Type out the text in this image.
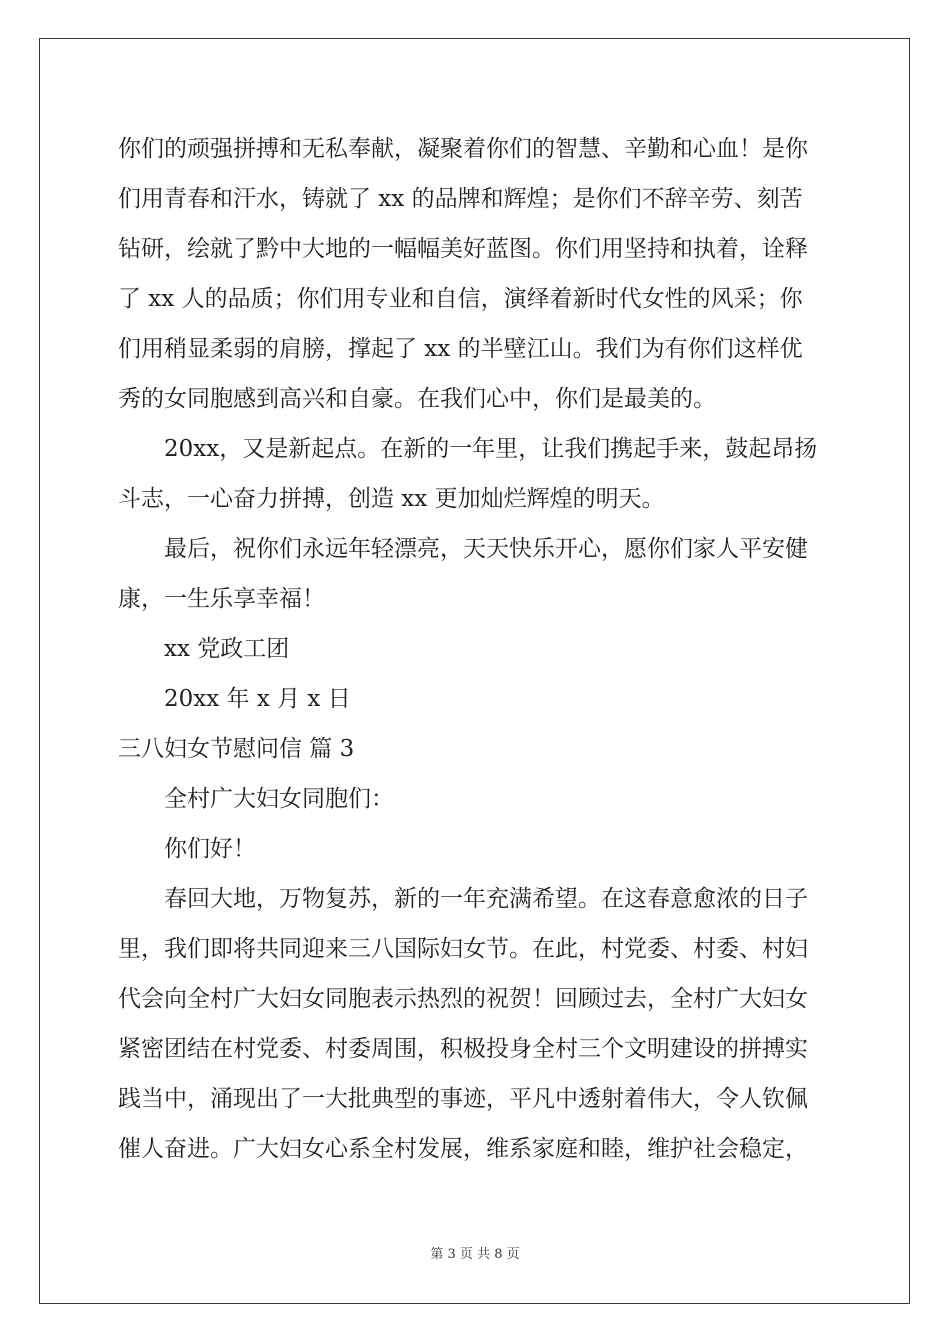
你们的顽强拼搏和无私奉献，凝聚着你们的智慧、辛勤和心血！是你
们用青春和汗水，铸就了 xx 的品牌和辉煌；是你们不辞辛劳、刻苦
钻研，绘就了黔中大地的一幅幅美好蓝图。你们用坚持和执着，诠释
了 xx 人的品质；你们用专业和自信，演绎着新时代女性的风采；你
们用稍显柔弱的肩膀，撑起了 xx 的半壁江山。我们为有你们这样优
秀的女同胞感到高兴和自豪。在我们心中，你们是最美的。
20xx，又是新起点。在新的一年里，让我们携起手来，鼓起昂扬
斗志，一心奋力拼搏，创造 xx 更加灿烂辉煌的明天。
最后，祝你们永远年轻漂亮，天天快乐开心，愿你们家人平安健
康，一生乐享幸福！
xx 党政工团
20xx 年 x 月 x 日
三八妇女节慰问信 篇 3
全村广大妇女同胞们：
你们好！
春回大地，万物复苏，新的一年充满希望。在这春意愈浓的日子
里，我们即将共同迎来三八国际妇女节。在此，村党委、村委、村妇
代会向全村广大妇女同胞表示热烈的祝贺！回顾过去，全村广大妇女
紧密团结在村党委、村委周围，积极投身全村三个文明建设的拼搏实
践当中，涌现出了一大批典型的事迹，平凡中透射着伟大，令人钦佩
催人奋进。广大妇女心系全村发展，维系家庭和睦，维护社会稳定，
第 3 页 共 8 页
